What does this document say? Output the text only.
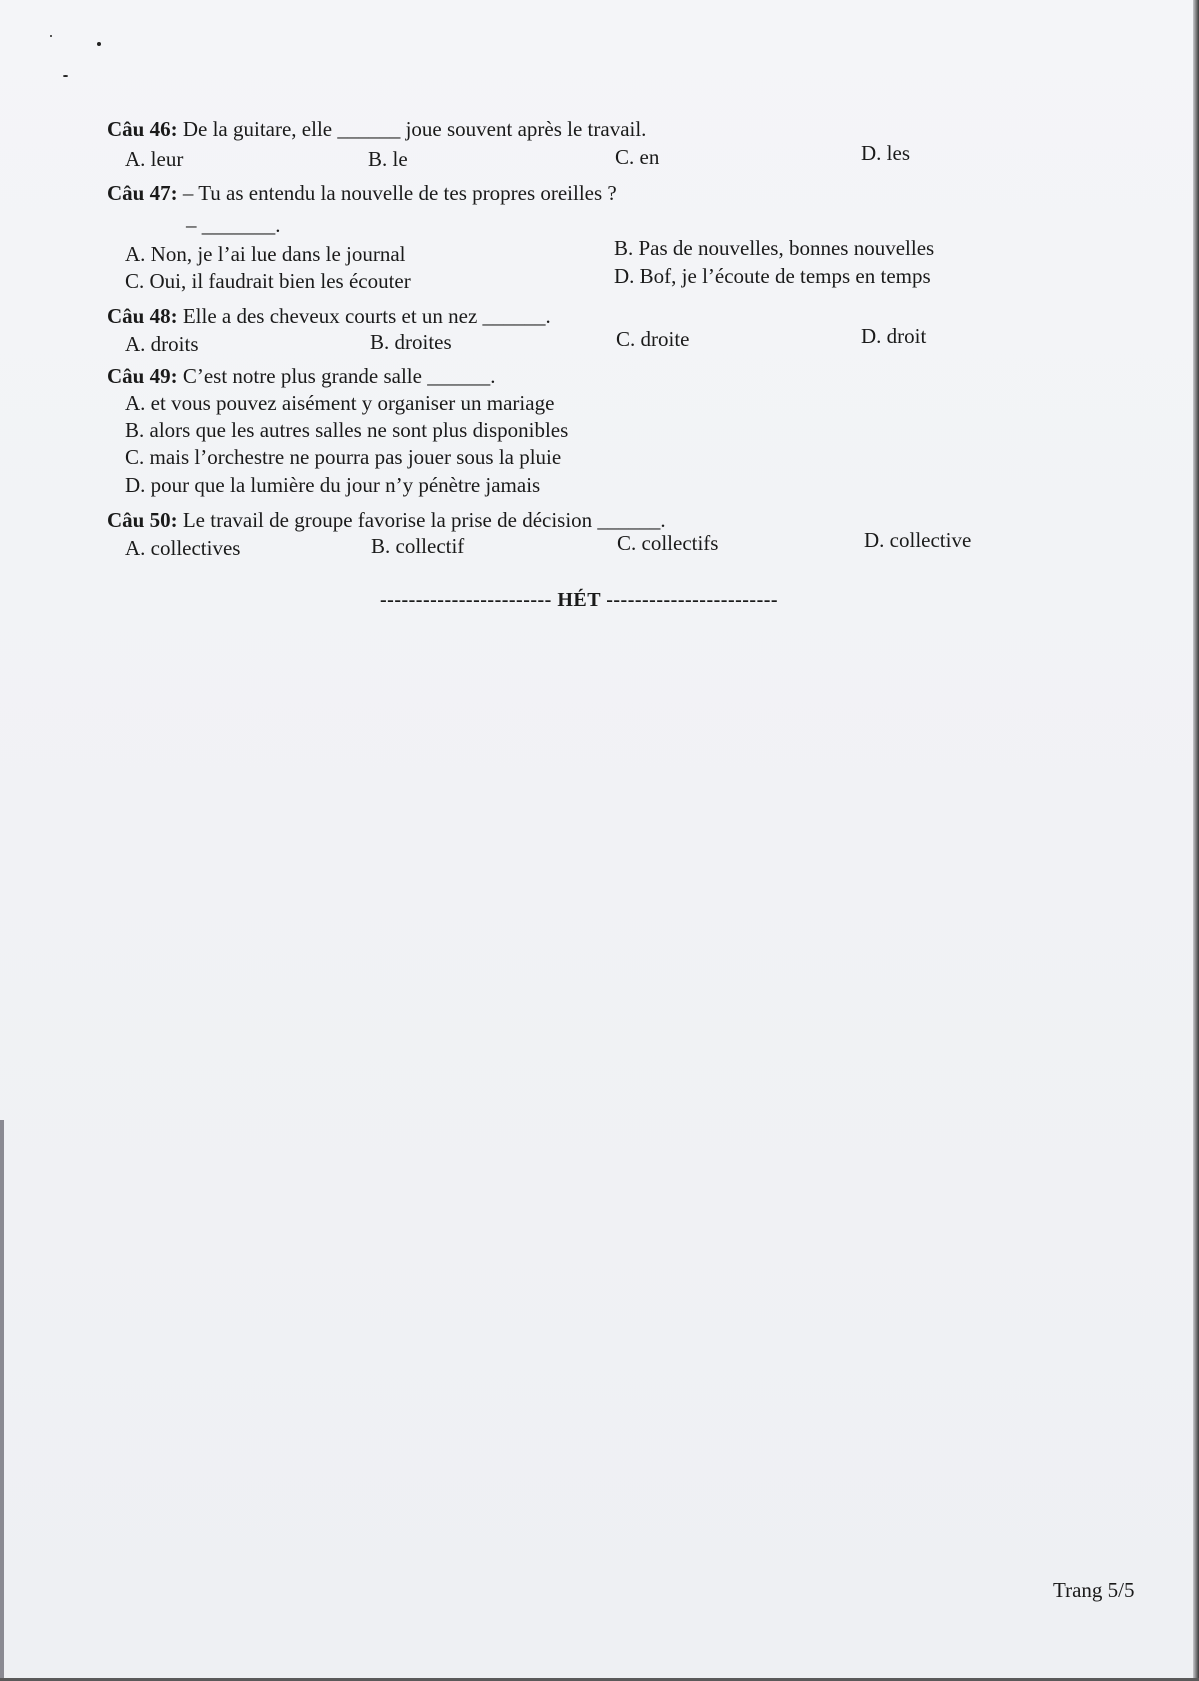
Câu 46: De la guitare, elle ______ joue souvent après le travail.
A. leur	B. le	C. en	D. les
Câu 47: – Tu as entendu la nouvelle de tes propres oreilles ?
– _______.
A. Non, je l’ai lue dans le journal	B. Pas de nouvelles, bonnes nouvelles
C. Oui, il faudrait bien les écouter	D. Bof, je l’écoute de temps en temps
Câu 48: Elle a des cheveux courts et un nez ______.
A. droits	B. droites	C. droite	D. droit
Câu 49: C’est notre plus grande salle ______.
A. et vous pouvez aisément y organiser un mariage
B. alors que les autres salles ne sont plus disponibles
C. mais l’orchestre ne pourra pas jouer sous la pluie
D. pour que la lumière du jour n’y pénètre jamais
Câu 50: Le travail de groupe favorise la prise de décision ______.
A. collectives	B. collectif	C. collectifs	D. collective
------------------------ HÉT ------------------------
Trang 5/5
